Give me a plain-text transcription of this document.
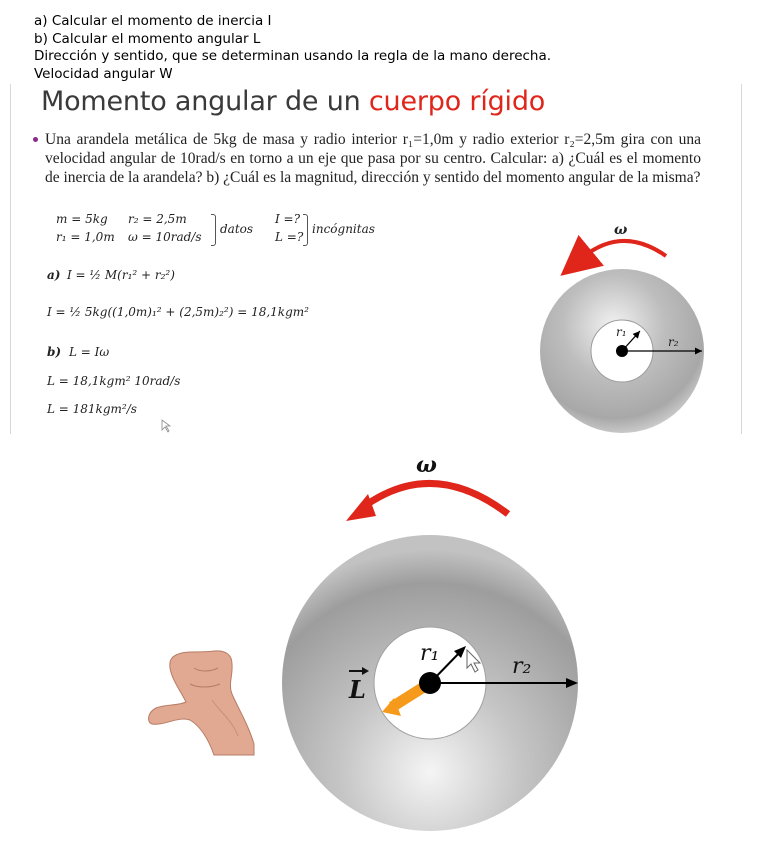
a) Calcular el momento de inercia I
b) Calcular el momento angular L
Dirección y sentido, que se determinan usando la regla de la mano derecha.
Velocidad angular W
Momento angular de un cuerpo rígido
Una arandela metálica de 5kg de masa y radio interior r₁=1,0m y radio exterior r₂=2,5m gira con una velocidad angular de 10rad/s en torno a un eje que pasa por su centro. Calcular: a) ¿Cuál es el momento de inercia de la arandela? b) ¿Cuál es la magnitud, dirección y sentido del momento angular de la misma?
m = 5kg r₂ = 2,5m
r₁ = 1,0m ω = 10rad/s
datos
I =?
L =?
incógnitas
a) I = ½ M(r₁² + r₂²)
I = ½ 5kg((1,0m)₁² + (2,5m)₂²) = 18,1kgm²
b) L = Iω
L = 18,1kgm² 10rad/s
L = 181kgm²/s
ω
r₁
r₂
ω
r₁
r₂
L
